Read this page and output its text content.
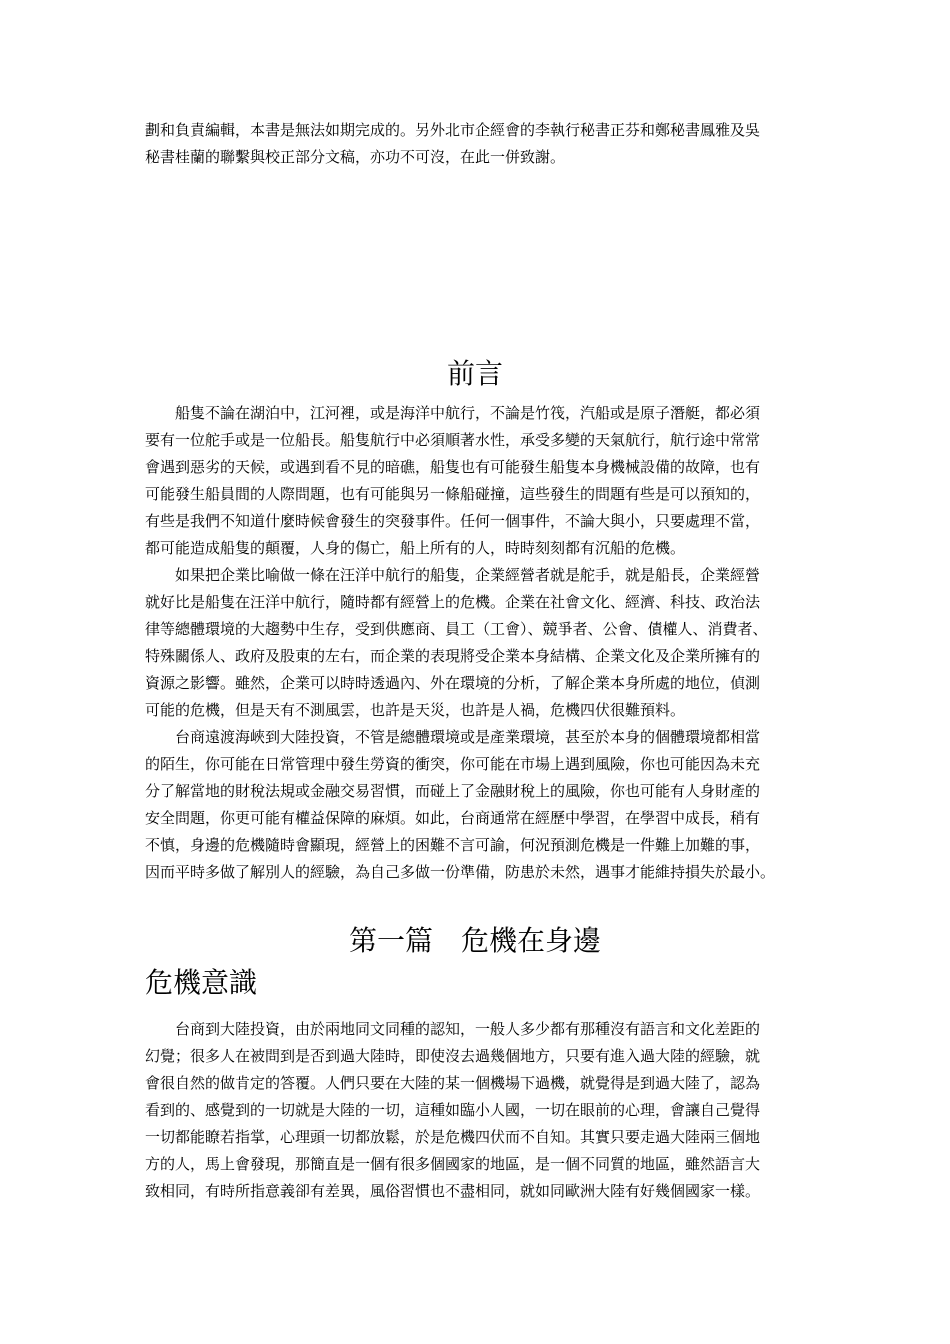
劃和負責編輯，本書是無法如期完成的。另外北市企經會的李執行秘書正芬和鄭秘書鳳雅及吳
秘書桂蘭的聯繫與校正部分文稿，亦功不可沒，在此一併致謝。
前言
船隻不論在湖泊中，江河裡，或是海洋中航行，不論是竹筏，汽船或是原子潛艇，都必須
要有一位舵手或是一位船長。船隻航行中必須順著水性，承受多變的天氣航行，航行途中常常
會遇到惡劣的天候，或遇到看不見的暗礁，船隻也有可能發生船隻本身機械設備的故障，也有
可能發生船員間的人際問題，也有可能與另一條船碰撞，這些發生的問題有些是可以預知的，
有些是我們不知道什麼時候會發生的突發事件。任何一個事件，不論大與小，只要處理不當，
都可能造成船隻的顛覆，人身的傷亡，船上所有的人，時時刻刻都有沉船的危機。
如果把企業比喻做一條在汪洋中航行的船隻，企業經營者就是舵手，就是船長，企業經營
就好比是船隻在汪洋中航行，隨時都有經營上的危機。企業在社會文化、經濟、科技、政治法
律等總體環境的大趨勢中生存，受到供應商、員工（工會）、競爭者、公會、債權人、消費者、
特殊關係人、政府及股東的左右，而企業的表現將受企業本身結構、企業文化及企業所擁有的
資源之影響。雖然，企業可以時時透過內、外在環境的分析，了解企業本身所處的地位，偵測
可能的危機，但是天有不測風雲，也許是天災，也許是人禍，危機四伏很難預料。
台商遠渡海峽到大陸投資，不管是總體環境或是產業環境，甚至於本身的個體環境都相當
的陌生，你可能在日常管理中發生勞資的衝突，你可能在市場上遇到風險，你也可能因為未充
分了解當地的財稅法規或金融交易習慣，而碰上了金融財稅上的風險，你也可能有人身財產的
安全問題，你更可能有權益保障的麻煩。如此，台商通常在經歷中學習，在學習中成長，稍有
不慎，身邊的危機隨時會顯現，經營上的困難不言可諭，何況預測危機是一件難上加難的事，
因而平時多做了解別人的經驗，為自己多做一份準備，防患於未然，遇事才能維持損失於最小。
第一篇　危機在身邊
危機意識
台商到大陸投資，由於兩地同文同種的認知，一般人多少都有那種沒有語言和文化差距的
幻覺；很多人在被問到是否到過大陸時，即使沒去過幾個地方，只要有進入過大陸的經驗，就
會很自然的做肯定的答覆。人們只要在大陸的某一個機場下過機，就覺得是到過大陸了，認為
看到的、感覺到的一切就是大陸的一切，這種如臨小人國，一切在眼前的心理，會讓自己覺得
一切都能瞭若指掌，心理頭一切都放鬆，於是危機四伏而不自知。其實只要走過大陸兩三個地
方的人，馬上會發現，那簡直是一個有很多個國家的地區，是一個不同質的地區，雖然語言大
致相同，有時所指意義卻有差異，風俗習慣也不盡相同，就如同歐洲大陸有好幾個國家一樣。
